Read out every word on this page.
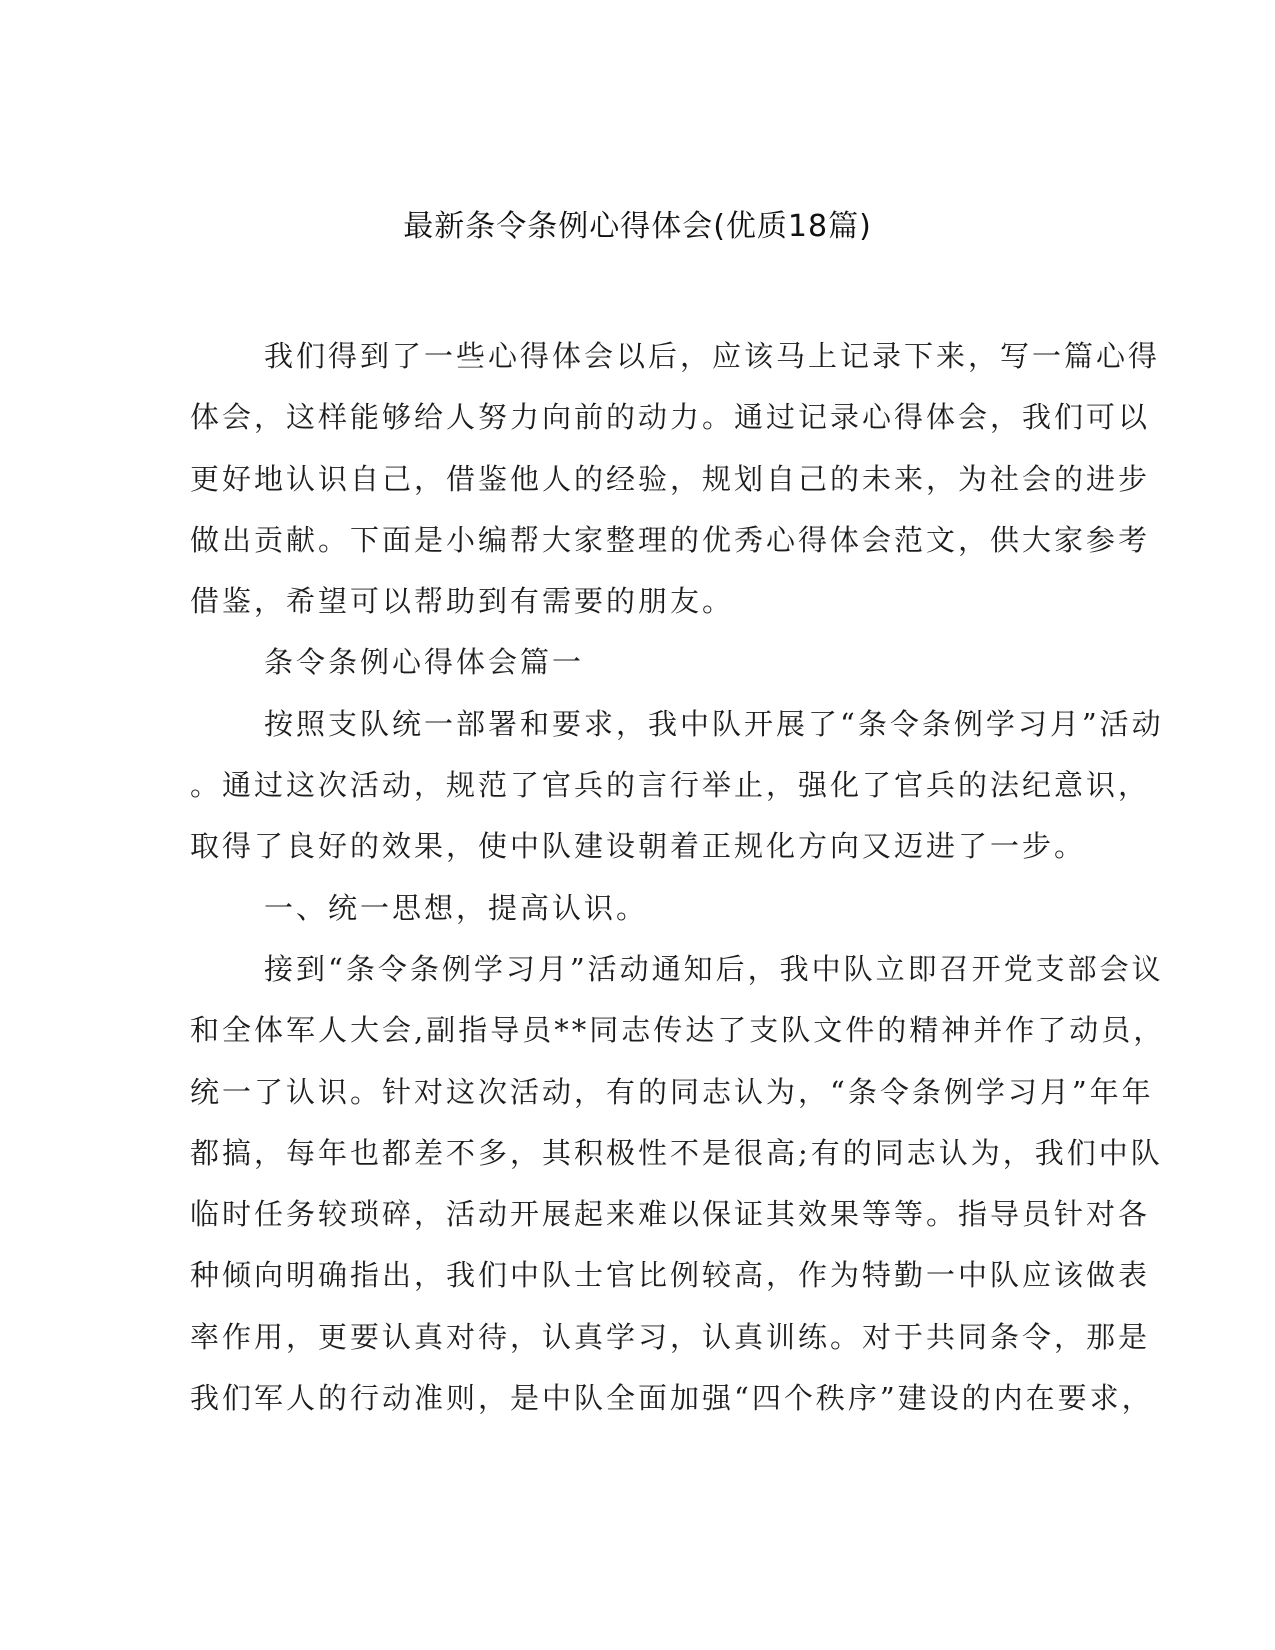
最新条令条例心得体会(优质18篇)
我们得到了一些心得体会以后，应该马上记录下来，写一篇心得
体会，这样能够给人努力向前的动力。通过记录心得体会，我们可以
更好地认识自己，借鉴他人的经验，规划自己的未来，为社会的进步
做出贡献。下面是小编帮大家整理的优秀心得体会范文，供大家参考
借鉴，希望可以帮助到有需要的朋友。
条令条例心得体会篇一
按照支队统一部署和要求，我中队开展了“条令条例学习月”活动
。通过这次活动，规范了官兵的言行举止，强化了官兵的法纪意识，
取得了良好的效果，使中队建设朝着正规化方向又迈进了一步。
一、统一思想，提高认识。
接到“条令条例学习月”活动通知后，我中队立即召开党支部会议
和全体军人大会,副指导员**同志传达了支队文件的精神并作了动员，
统一了认识。针对这次活动，有的同志认为，“条令条例学习月”年年
都搞，每年也都差不多，其积极性不是很高;有的同志认为，我们中队
临时任务较琐碎，活动开展起来难以保证其效果等等。指导员针对各
种倾向明确指出，我们中队士官比例较高，作为特勤一中队应该做表
率作用，更要认真对待，认真学习，认真训练。对于共同条令，那是
我们军人的行动准则，是中队全面加强“四个秩序”建设的内在要求，
